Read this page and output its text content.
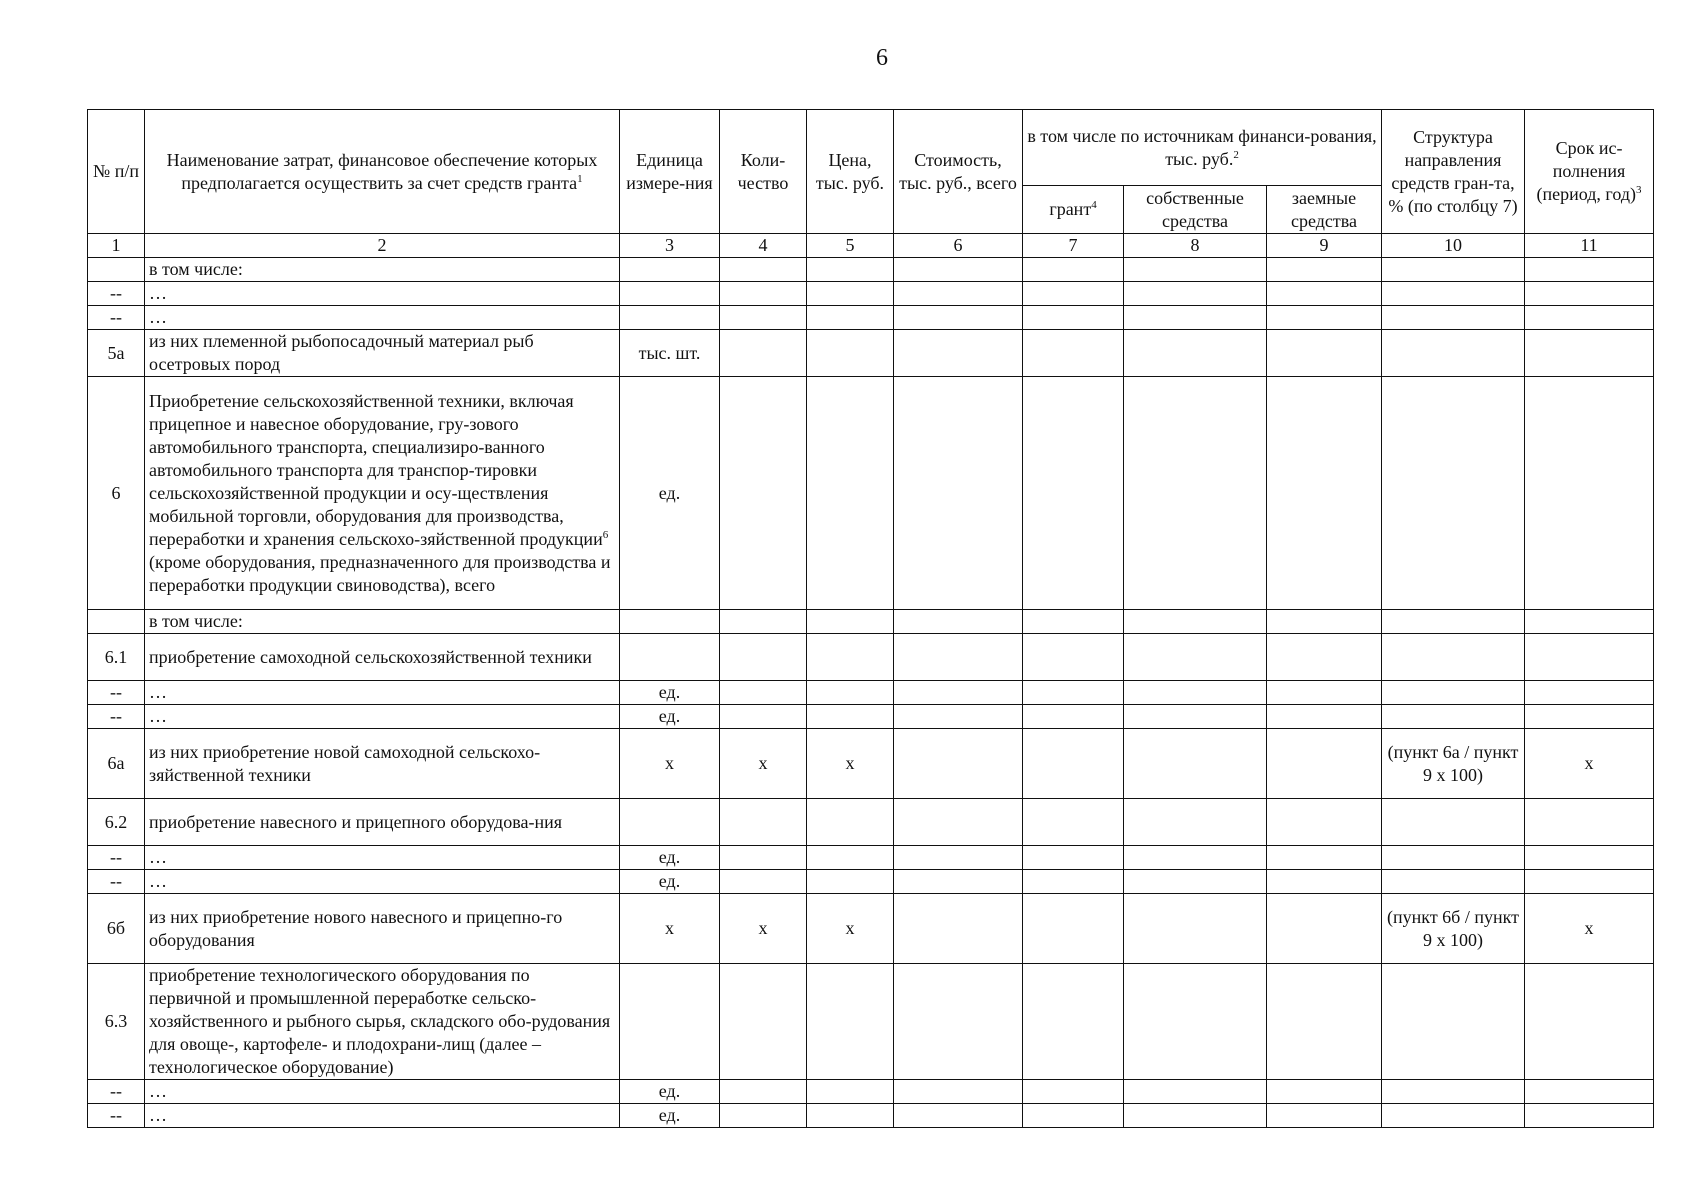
6
№ п/п	Наименование затрат, финансовое обеспечение которых предполагается осуществить за счет средств гранта$^1$	Единица измере-ния	Коли-чество	Цена, тыс. руб.	Стоимость, тыс. руб., всего	в том числе по источникам финанси-рования, тыс. руб.$^2$			Структура направления средств гран-та, % (по столбцу 7)	Срок ис-полнения (период, год)$^3$
						грант$^4$	собственные средства	заемные средства		
1	2	3	4	5	6	7	8	9	10	11
	в том числе:									
--	…									
--	…									
5а	из них племенной рыбопосадочный материал рыб осетровых пород	тыс. шт.								
6	Приобретение сельскохозяйственной техники, включая прицепное и навесное оборудование, гру-зового автомобильного транспорта, специализиро-ванного автомобильного транспорта для транспор-тировки сельскохозяйственной продукции и осу-ществления мобильной торговли, оборудования для производства, переработки и хранения сельскохо-зяйственной продукции$^6$ (кроме оборудования, предназначенного для производства и переработки продукции свиноводства), всего	ед.								
	в том числе:									
6.1	приобретение самоходной сельскохозяйственной техники									
--	…	ед.								
--	…	ед.								
6а	из них приобретение новой самоходной сельскохо-зяйственной техники	х	х	х					(пункт 6а / пункт 9 х 100)	х
6.2	приобретение навесного и прицепного оборудова-ния									
--	…	ед.								
--	…	ед.								
6б	из них приобретение нового навесного и прицепно-го оборудования	х	х	х					(пункт 6б / пункт 9 х 100)	х
6.3	приобретение технологического оборудования по первичной и промышленной переработке сельско-хозяйственного и рыбного сырья, складского обо-рудования для овоще-, картофеле- и плодохрани-лищ (далее – технологическое оборудование)									
--	…	ед.								
--	…	ед.								
